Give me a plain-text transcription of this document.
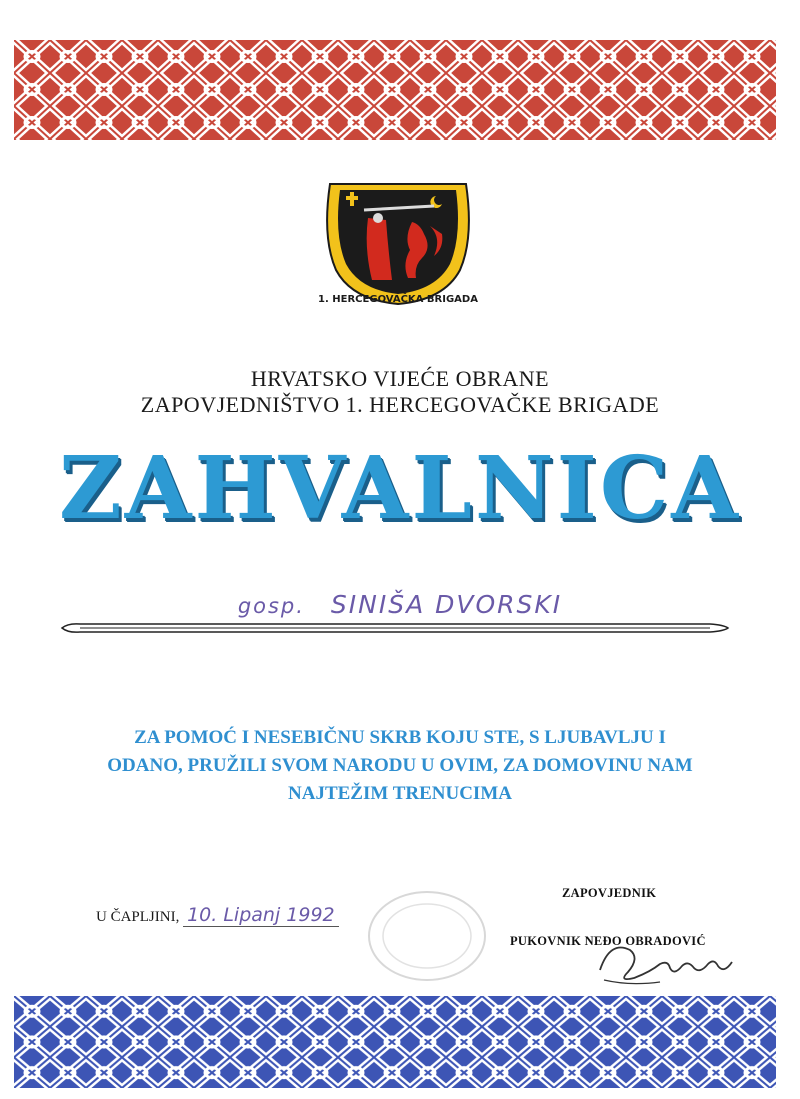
1. HERCEGOVAČKA BRIGADA
HRVATSKO VIJEĆE OBRANE
ZAPOVJEDNIŠTVO 1. HERCEGOVAČKE BRIGADE
ZAHVALNICA
gosp. SINIŠA DVORSKI
ZA POMOĆ I NESEBIČNU SKRB KOJU STE, S LJUBAVLJU I
ODANO, PRUŽILI SVOM NARODU U OVIM, ZA DOMOVINU NAM
NAJTEŽIM TRENUCIMA
U ČAPLJINI, 10. Lipanj 1992
ZAPOVJEDNIK
PUKOVNIK NEĐO OBRADOVIĆ
